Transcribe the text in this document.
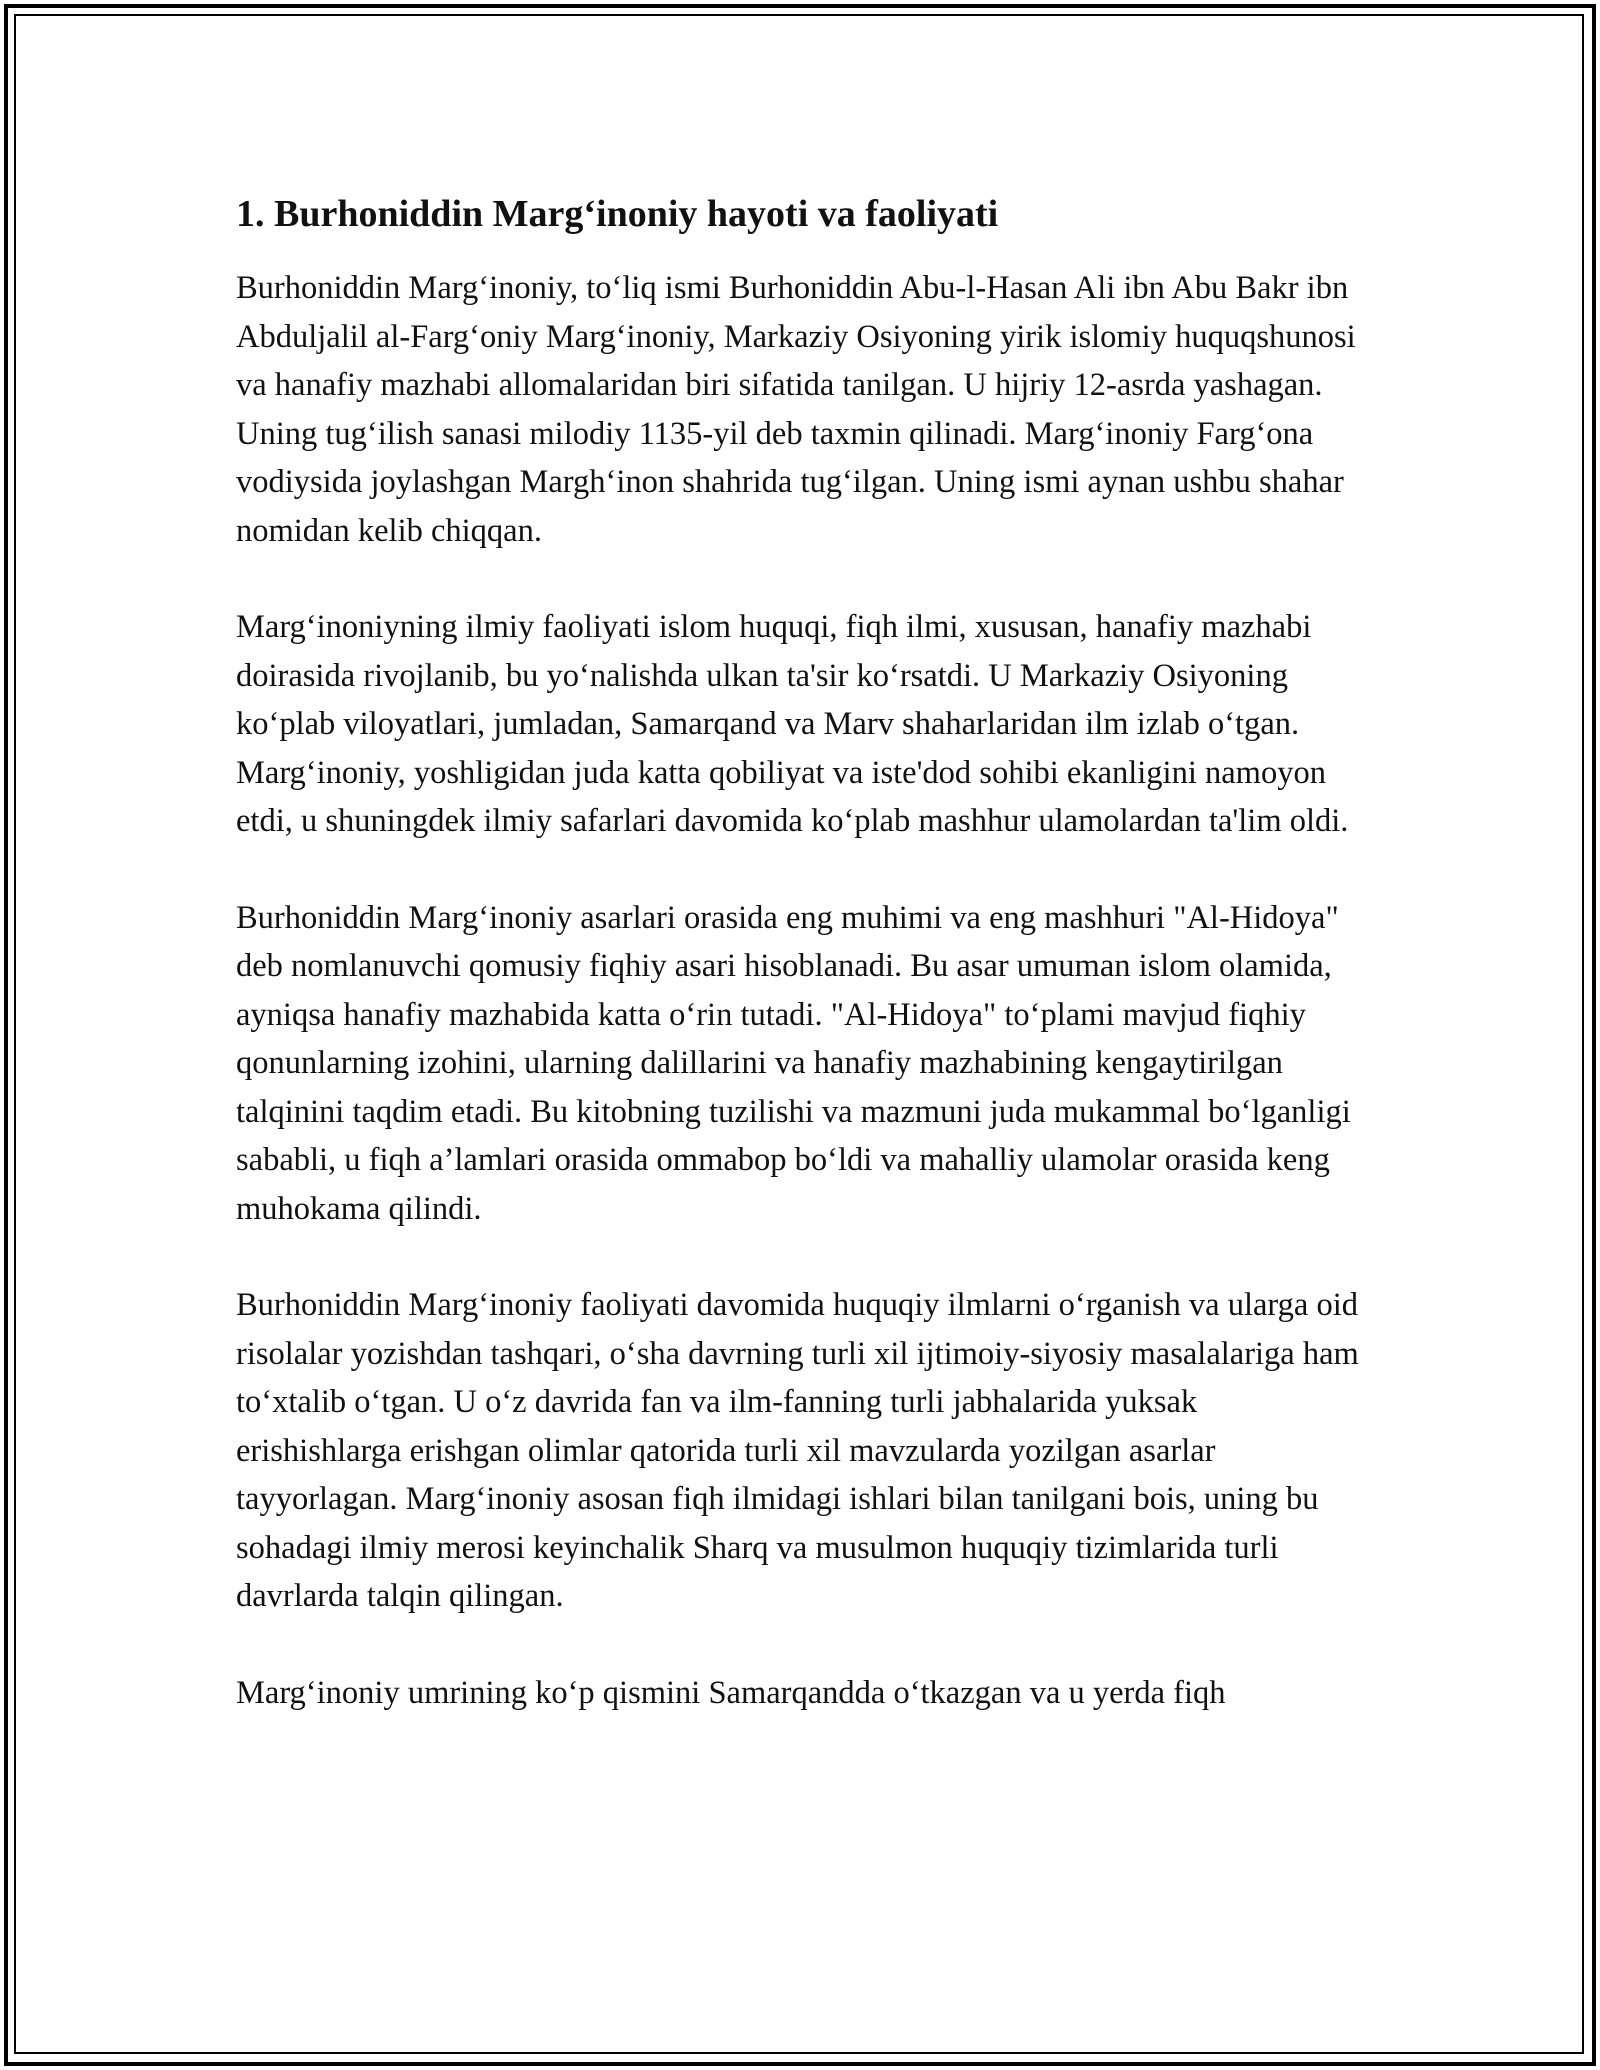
1. Burhoniddin Marg‘inoniy hayoti va faoliyati

Burhoniddin Marg‘inoniy, to‘liq ismi Burhoniddin Abu-l-Hasan Ali ibn Abu Bakr ibn Abduljalil al-Farg‘oniy Marg‘inoniy, Markaziy Osiyoning yirik islomiy huquqshunosi va hanafiy mazhabi allomalaridan biri sifatida tanilgan. U hijriy 12-asrda yashagan. Uning tug‘ilish sanasi milodiy 1135-yil deb taxmin qilinadi. Marg‘inoniy Farg‘ona vodiysida joylashgan Margh‘inon shahrida tug‘ilgan. Uning ismi aynan ushbu shahar nomidan kelib chiqqan.

Marg‘inoniyning ilmiy faoliyati islom huquqi, fiqh ilmi, xususan, hanafiy mazhabi doirasida rivojlanib, bu yo‘nalishda ulkan ta'sir ko‘rsatdi. U Markaziy Osiyoning ko‘plab viloyatlari, jumladan, Samarqand va Marv shaharlaridan ilm izlab o‘tgan. Marg‘inoniy, yoshligidan juda katta qobiliyat va iste'dod sohibi ekanligini namoyon etdi, u shuningdek ilmiy safarlari davomida ko‘plab mashhur ulamolardan ta'lim oldi.

Burhoniddin Marg‘inoniy asarlari orasida eng muhimi va eng mashhuri "Al-Hidoya" deb nomlanuvchi qomusiy fiqhiy asari hisoblanadi. Bu asar umuman islom olamida, ayniqsa hanafiy mazhabida katta o‘rin tutadi. "Al-Hidoya" to‘plami mavjud fiqhiy qonunlarning izohini, ularning dalillarini va hanafiy mazhabining kengaytirilgan talqinini taqdim etadi. Bu kitobning tuzilishi va mazmuni juda mukammal bo‘lganligi sababli, u fiqh a’lamlari orasida ommabop bo‘ldi va mahalliy ulamolar orasida keng muhokama qilindi.

Burhoniddin Marg‘inoniy faoliyati davomida huquqiy ilmlarni o‘rganish va ularga oid risolalar yozishdan tashqari, o‘sha davrning turli xil ijtimoiy-siyosiy masalalariga ham to‘xtalib o‘tgan. U o‘z davrida fan va ilm-fanning turli jabhalarida yuksak erishishlarga erishgan olimlar qatorida turli xil mavzularda yozilgan asarlar tayyorlagan. Marg‘inoniy asosan fiqh ilmidagi ishlari bilan tanilgani bois, uning bu sohadagi ilmiy merosi keyinchalik Sharq va musulmon huquqiy tizimlarida turli davrlarda talqin qilingan.

Marg‘inoniy umrining ko‘p qismini Samarqandda o‘tkazgan va u yerda fiqh
